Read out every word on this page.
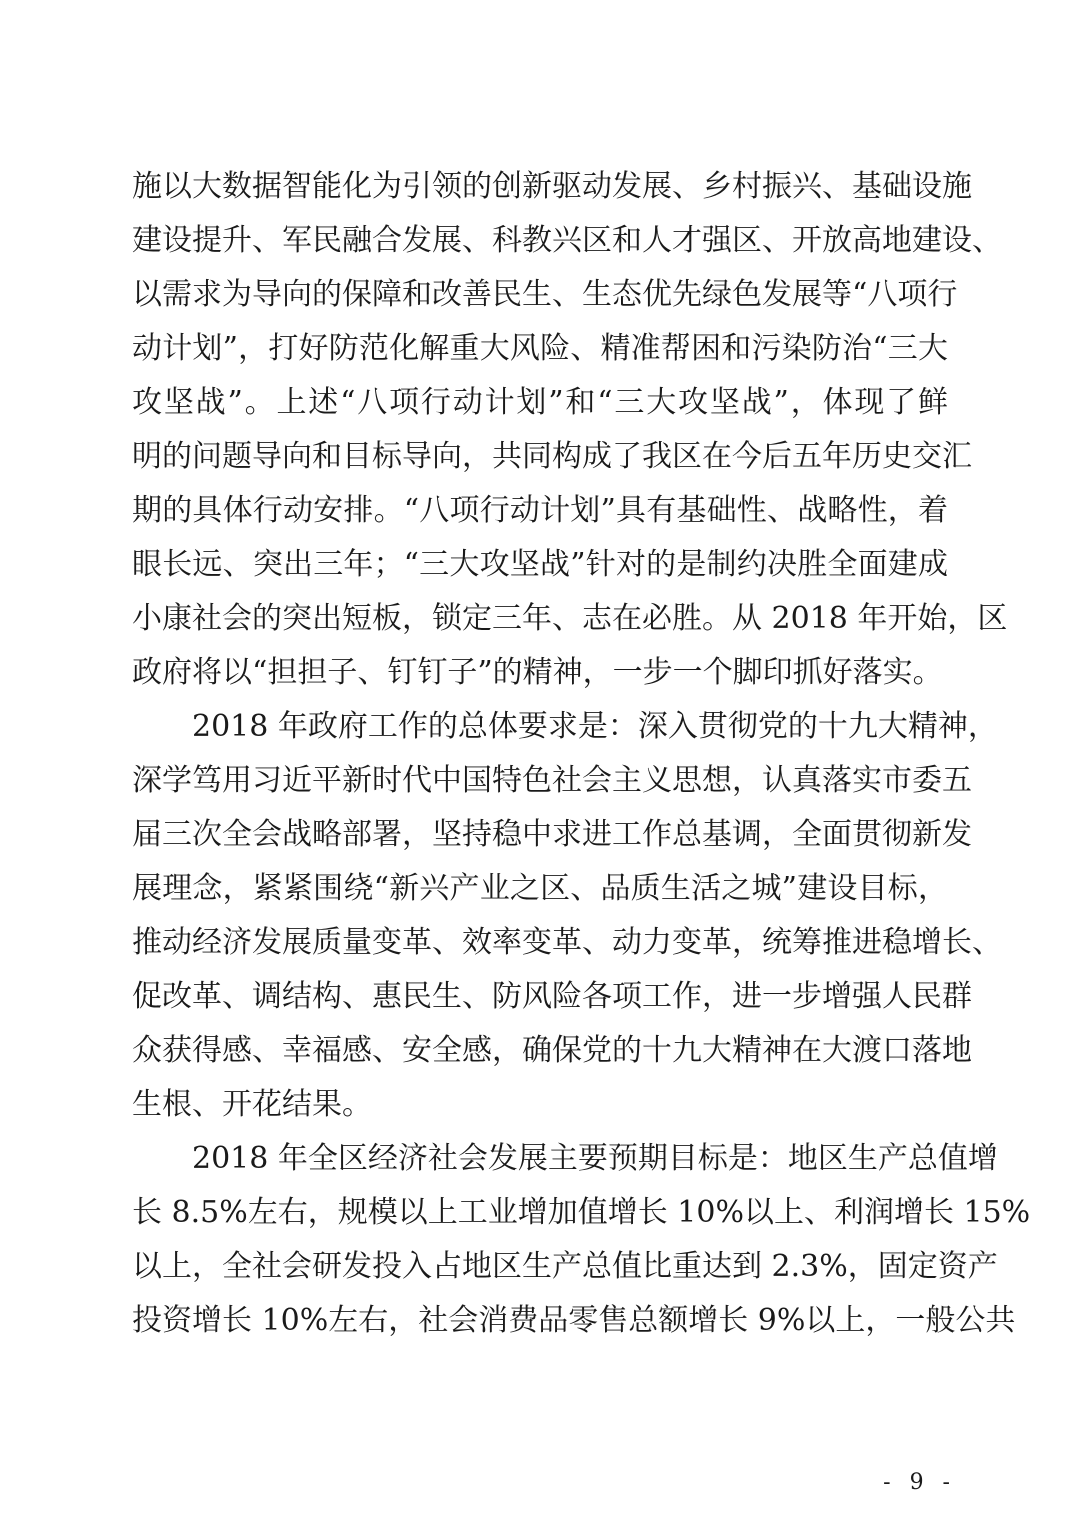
施以大数据智能化为引领的创新驱动发展、乡村振兴、基础设施
建设提升、军民融合发展、科教兴区和人才强区、开放高地建设、
以需求为导向的保障和改善民生、生态优先绿色发展等“八项行
动计划”，打好防范化解重大风险、精准帮困和污染防治“三大
攻坚战”。上述“八项行动计划”和“三大攻坚战”，体现了鲜
明的问题导向和目标导向，共同构成了我区在今后五年历史交汇
期的具体行动安排。“八项行动计划”具有基础性、战略性，着
眼长远、突出三年；“三大攻坚战”针对的是制约决胜全面建成
小康社会的突出短板，锁定三年、志在必胜。从 2018 年开始，区
政府将以“担担子、钉钉子”的精神，一步一个脚印抓好落实。
　　2018 年政府工作的总体要求是：深入贯彻党的十九大精神，
深学笃用习近平新时代中国特色社会主义思想，认真落实市委五
届三次全会战略部署，坚持稳中求进工作总基调，全面贯彻新发
展理念，紧紧围绕“新兴产业之区、品质生活之城”建设目标，
推动经济发展质量变革、效率变革、动力变革，统筹推进稳增长、
促改革、调结构、惠民生、防风险各项工作，进一步增强人民群
众获得感、幸福感、安全感，确保党的十九大精神在大渡口落地
生根、开花结果。
　　2018 年全区经济社会发展主要预期目标是：地区生产总值增
长 8.5%左右，规模以上工业增加值增长 10%以上、利润增长 15%
以上，全社会研发投入占地区生产总值比重达到 2.3%，固定资产
投资增长 10%左右，社会消费品零售总额增长 9%以上，一般公共
- 9 -
